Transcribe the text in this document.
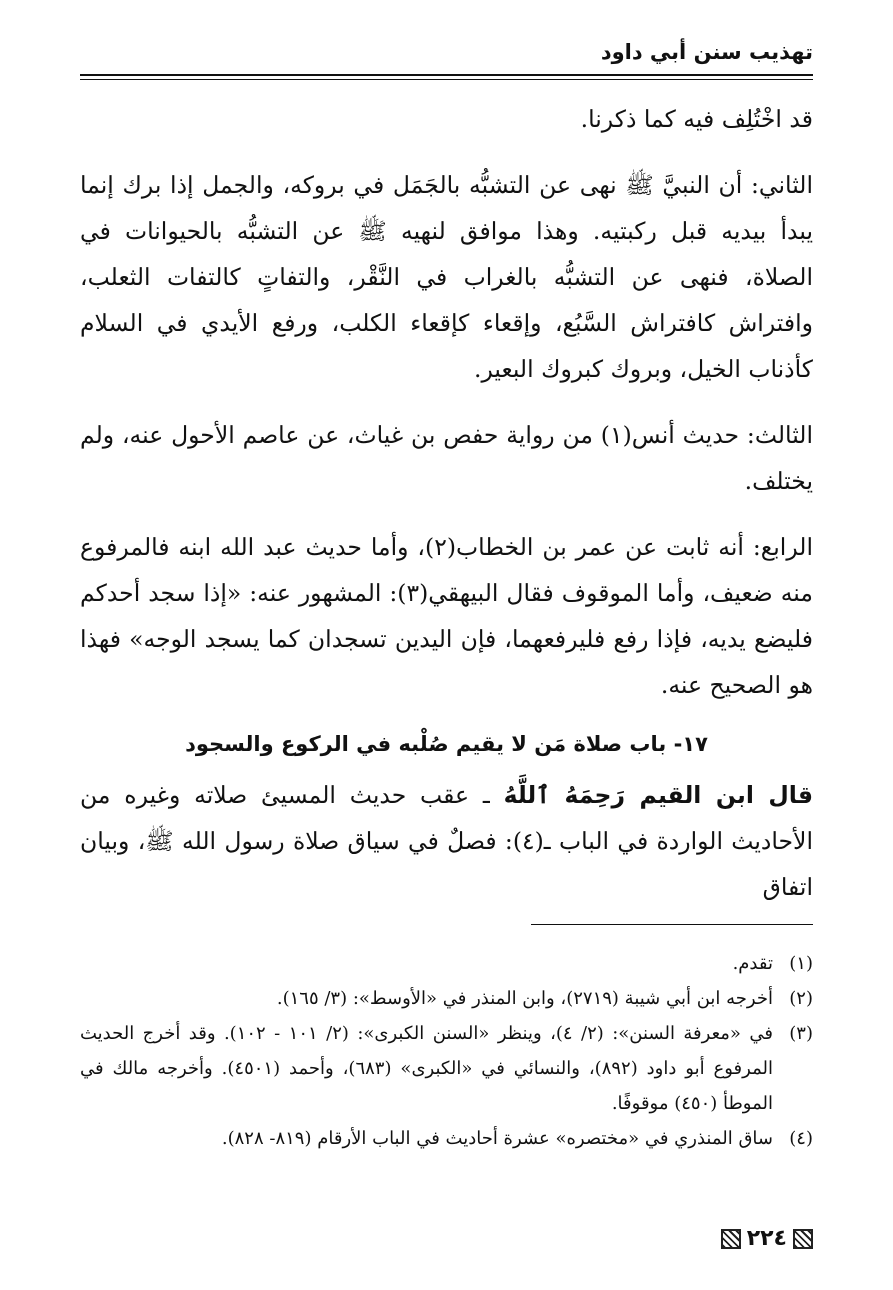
تهذيب سنن أبي داود

قد اخْتُلِف فيه كما ذكرنا.

الثاني: أن النبيَّ ﷺ نهى عن التشبُّه بالجَمَل في بروكه، والجمل إذا برك إنما يبدأ بيديه قبل ركبتيه. وهذا موافق لنهيه ﷺ عن التشبُّه بالحيوانات في الصلاة، فنهى عن التشبُّه بالغراب في النَّقْر، والتفاتٍ كالتفات الثعلب، وافتراش كافتراش السَّبُع، وإقعاء كإقعاء الكلب، ورفع الأيدي في السلام كأذناب الخيل، وبروك كبروك البعير.

الثالث: حديث أنس(١) من رواية حفص بن غياث، عن عاصم الأحول عنه، ولم يختلف.

الرابع: أنه ثابت عن عمر بن الخطاب(٢)، وأما حديث عبد الله ابنه فالمرفوع منه ضعيف، وأما الموقوف فقال البيهقي(٣): المشهور عنه: «إذا سجد أحدكم فليضع يديه، فإذا رفع فليرفعهما، فإن اليدين تسجدان كما يسجد الوجه» فهذا هو الصحيح عنه.

١٧- باب صلاة مَن لا يقيم صُلْبه في الركوع والسجود

قال ابن القيم رَحِمَهُ ٱللَّهُ ـ عقب حديث المسيئ صلاته وغيره من الأحاديث الواردة في الباب ـ(٤): فصلٌ في سياق صلاة رسول الله ﷺ، وبيان اتفاق

(١)
تقدم.
(٢)
أخرجه ابن أبي شيبة (٢٧١٩)، وابن المنذر في «الأوسط»: (٣/ ١٦٥).
(٣)
في «معرفة السنن»: (٢/ ٤)، وينظر «السنن الكبرى»: (٢/ ١٠١ - ١٠٢). وقد أخرج الحديث المرفوع أبو داود (٨٩٢)، والنسائي في «الكبرى» (٦٨٣)، وأحمد (٤٥٠١). وأخرجه مالك في الموطأ (٤٥٠) موقوفًا.
(٤)
ساق المنذري في «مختصره» عشرة أحاديث في الباب الأرقام (٨١٩- ٨٢٨).
٢٢٤
